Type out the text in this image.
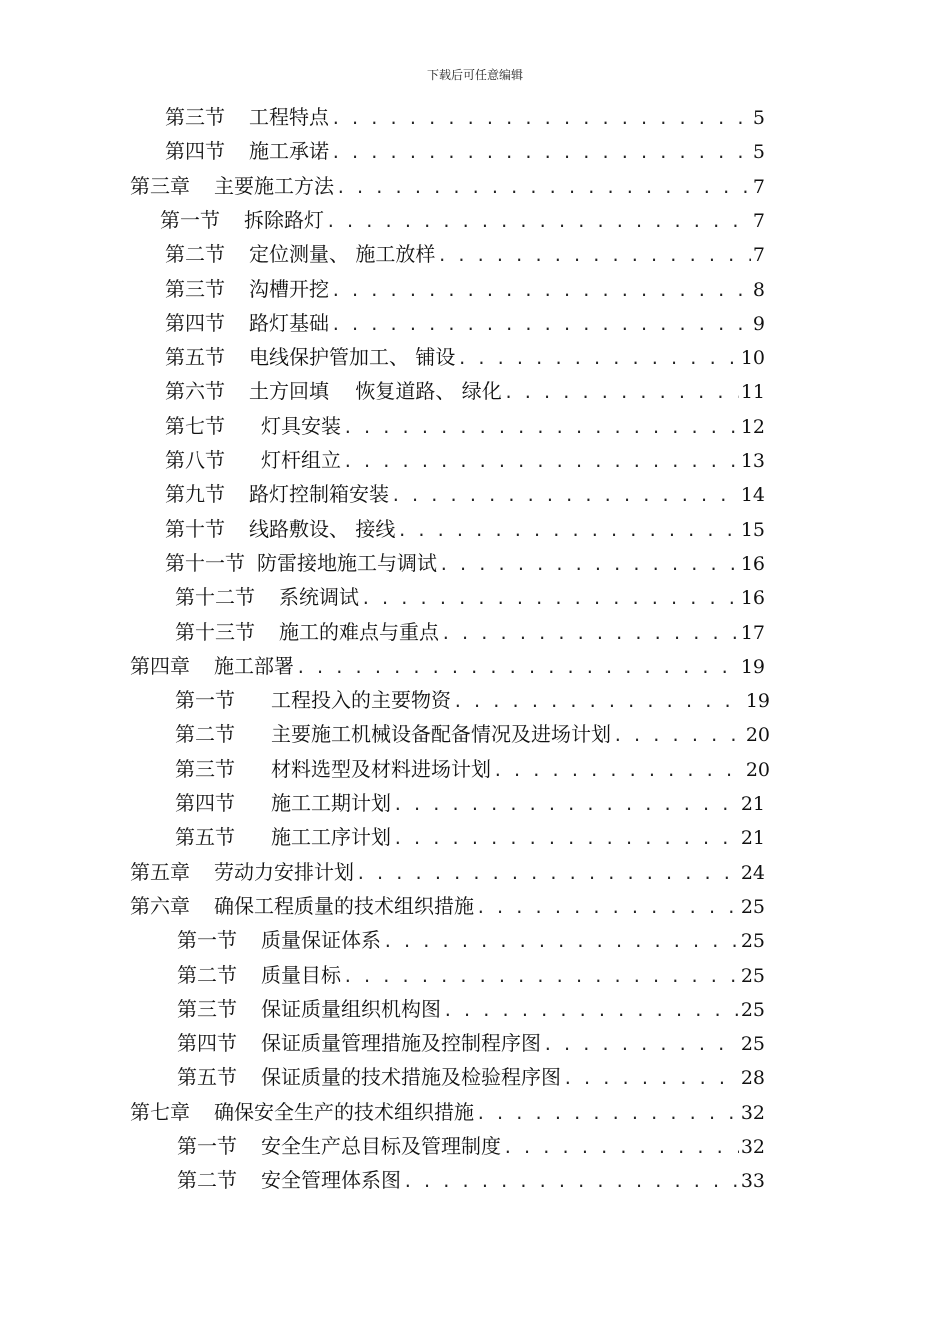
下载后可任意编辑
第三节 工程特点 . . .	5
第四节 施工承诺 . . .	5
第三章 主要施工方法 . . .	7
第一节 拆除路灯 . . .	7
第二节 定位测量、 施工放样 . . .	7
第三节 沟槽开挖 . . .	8
第四节 路灯基础 . . .	9
第五节 电线保护管加工、 铺设 . . .	10
第六节 土方回填　 恢复道路、 绿化 . . .	11
第七节 灯具安装 . . .	12
第八节 灯杆组立 . . .	13
第九节 路灯控制箱安装 . . .	14
第十节 线路敷设、 接线 . . .	15
第十一节 防雷接地施工与调试 . . .	16
第十二节 系统调试 . . .	16
第十三节 施工的难点与重点 . . .	17
第四章 施工部署 . . .	19
第一节 工程投入的主要物资 . . .	19
第二节 主要施工机械设备配备情况及进场计划 . . .	20
第三节 材料选型及材料进场计划 . . .	20
第四节 施工工期计划 . . .	21
第五节 施工工序计划 . . .	21
第五章 劳动力安排计划 . . .	24
第六章 确保工程质量的技术组织措施 . . .	25
第一节 质量保证体系 . . .	25
第二节 质量目标 . . .	25
第三节 保证质量组织机构图 . . .	25
第四节 保证质量管理措施及控制程序图 . . .	25
第五节 保证质量的技术措施及检验程序图 . . .	28
第七章 确保安全生产的技术组织措施 . . .	32
第一节 安全生产总目标及管理制度 . . .	32
第二节 安全管理体系图 . . .	33
